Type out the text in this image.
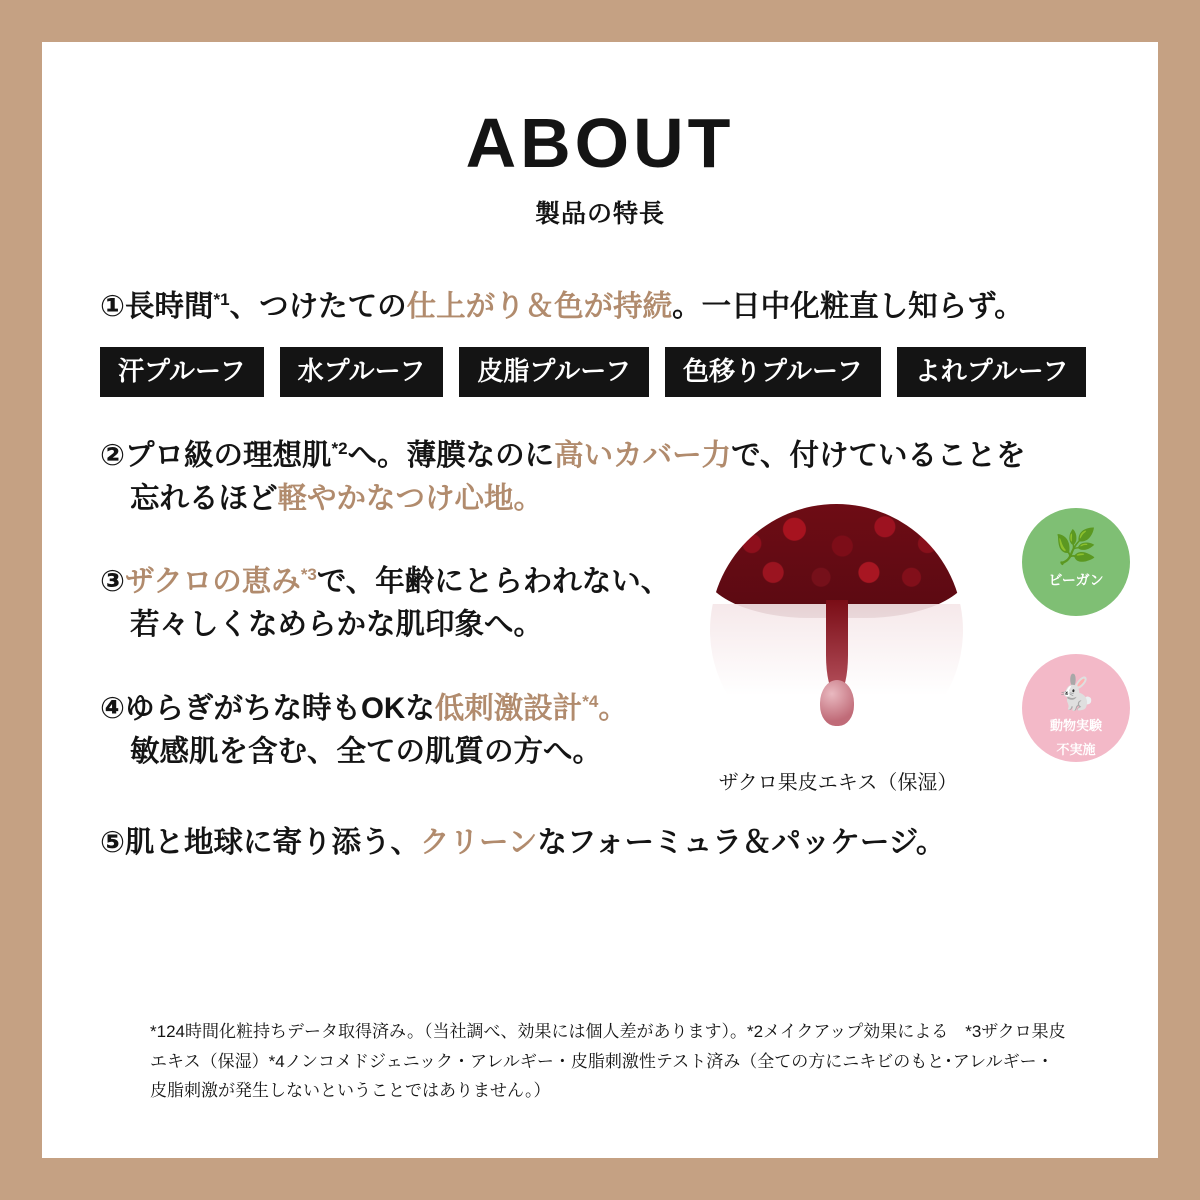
ABOUT
製品の特長
ザクロ果皮エキス（保湿）
🌿
ビーガン
🐇
動物実験
不実施
①長時間$^{*1}$、つけたての仕上がり＆色が持続。一日中化粧直し知らず。
汗プルーフ	水プルーフ	皮脂プルーフ	色移りプルーフ	よれプルーフ
②プロ級の理想肌$^{*2}$へ。薄膜なのに高いカバー力で、付けていることを
忘れるほど軽やかなつけ心地。
③ザクロの恵み$^{*3}$で、年齢にとらわれない、
若々しくなめらかな肌印象へ。
④ゆらぎがちな時もOKな低刺激設計$^{*4}$。
敏感肌を含む、全ての肌質の方へ。
⑤肌と地球に寄り添う、クリーンなフォーミュラ＆パッケージ。
*124時間化粧持ちデータ取得済み。（当社調べ、効果には個人差があります）。*2メイクアップ効果による　*3ザクロ果皮エキス（保湿）*4ノンコメドジェニック・アレルギー・皮脂刺激性テスト済み（全ての方にニキビのもと･アレルギー・皮脂刺激が発生しないということではありません。）
